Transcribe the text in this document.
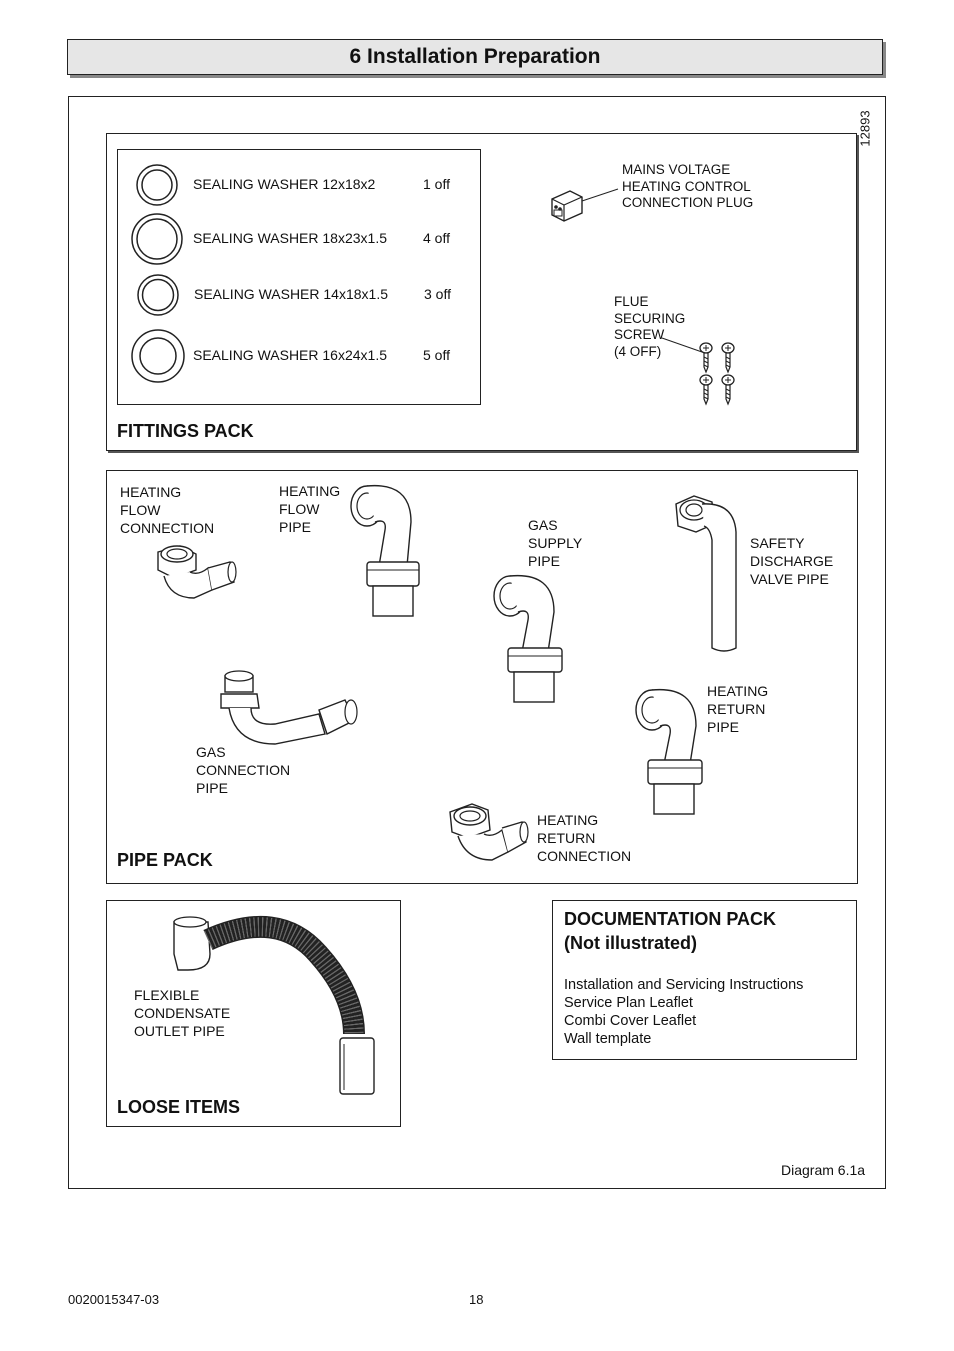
6 Installation Preparation
12893
SEALING WASHER 12x18x2	1 off
SEALING WASHER 18x23x1.5	4 off
SEALING WASHER 14x18x1.5	3 off
SEALING WASHER 16x24x1.5	5 off
MAINS VOLTAGE
HEATING CONTROL
CONNECTION PLUG
FLUE
SECURING
SCREW
(4 OFF)
FITTINGS PACK
HEATING
FLOW
CONNECTION
HEATING
FLOW
PIPE	GAS
SUPPLY
PIPE
SAFETY
DISCHARGE
VALVE PIPE
GAS
CONNECTION
PIPE
HEATING
RETURN
PIPE
HEATING
RETURN
CONNECTION
PIPE PACK
FLEXIBLE
CONDENSATE
OUTLET PIPE
LOOSE ITEMS
DOCUMENTATION PACK
(Not illustrated)
Installation and Servicing Instructions
Service Plan Leaflet
Combi Cover Leaflet
Wall template
Diagram 6.1a
0020015347-03	18
